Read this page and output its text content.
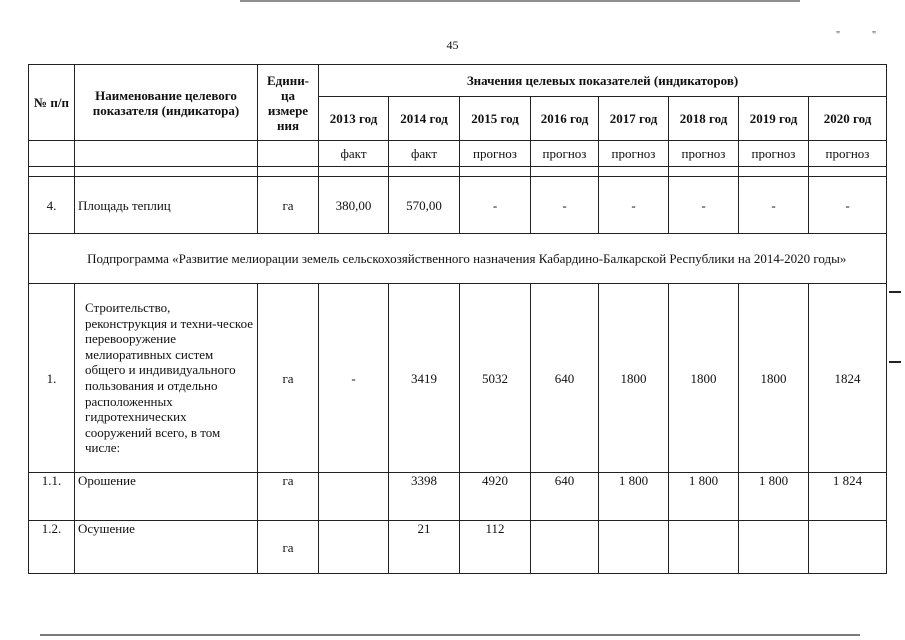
45
"	"
№ п/п	Наименование целевого показателя (индикатора)	Едини-ца измере ния	Значения целевых показателей (индикаторов)							
			2013 год	2014 год	2015 год	2016 год	2017 год	2018 год	2019 год	2020 год
			факт	факт	прогноз	прогноз	прогноз	прогноз	прогноз	прогноз

4.	Площадь теплиц	га	380,00	570,00	-	-	-	-	-	-
	Подпрограмма «Развитие мелиорации земель сельскохозяйственного назначения Кабардино-Балкарской Республики на 2014-2020 годы»									
1.	Строительство, реконструкция и техни-ческое перевооружение мелиоративных систем общего и индивидуального пользования и отдельно расположенных гидротехнических сооружений всего, в том числе:	га	-	3419	5032	640	1800	1800	1800	1824
1.1.	Орошение	га		3398	4920	640	1 800	1 800	1 800	1 824
1.2.	Осушение	га		21	112					
